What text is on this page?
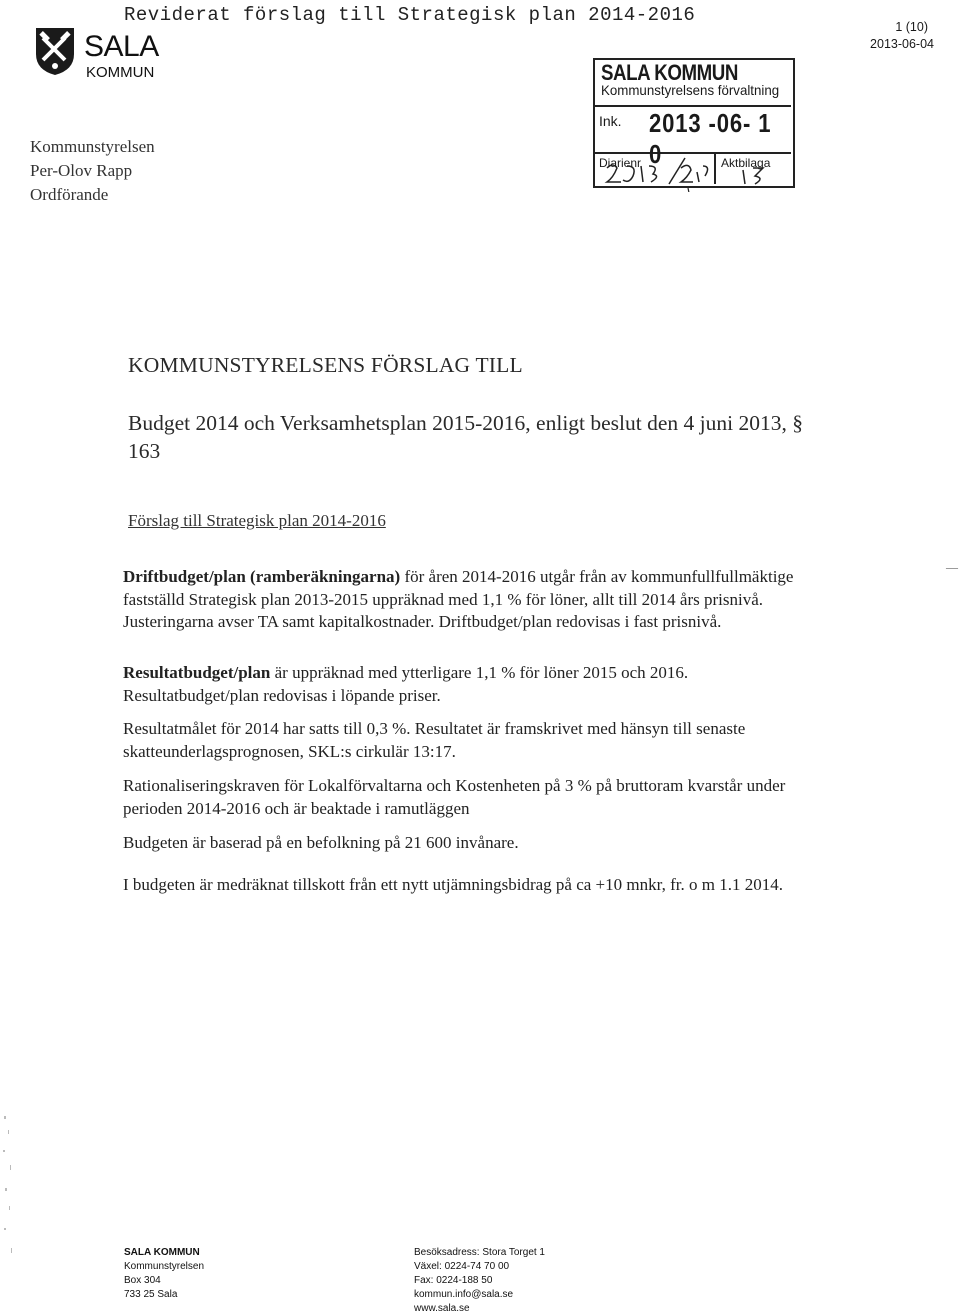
Reviderat förslag till Strategisk plan 2014-2016
SALA
KOMMUN
1 (10)
2013-06-04
SALA KOMMUN
Kommunstyrelsens förvaltning
Ink. 2013 -06- 1 0
Diarienr	Aktbilaga
Kommunstyrelsen
Per-Olov Rapp
Ordförande
KOMMUNSTYRELSENS FÖRSLAG TILL
Budget 2014 och Verksamhetsplan 2015-2016, enligt beslut den 4 juni 2013, § 163
Förslag till Strategisk plan 2014-2016
Driftbudget/plan (ramberäkningarna) för åren 2014-2016 utgår från av kommunfullfullmäktige fastställd Strategisk plan 2013-2015 uppräknad med 1,1 % för löner, allt till 2014 års prisnivå. Justeringarna avser TA samt kapitalkostnader. Driftbudget/plan redovisas i fast prisnivå.
Resultatbudget/plan är uppräknad med ytterligare 1,1 % för löner 2015 och 2016. Resultatbudget/plan redovisas i löpande priser.
Resultatmålet för 2014 har satts till 0,3 %. Resultatet är framskrivet med hänsyn till senaste skatteunderlagsprognosen, SKL:s cirkulär 13:17.
Rationaliseringskraven för Lokalförvaltarna och Kostenheten på 3 % på bruttoram kvarstår under perioden 2014-2016 och är beaktade i ramutläggen
Budgeten är baserad på en befolkning på 21 600 invånare.
I budgeten är medräknat tillskott från ett nytt utjämningsbidrag på ca +10 mnkr, fr. o m 1.1 2014.
—
SALA KOMMUN
Kommunstyrelsen
Box 304
733 25 Sala
Besöksadress: Stora Torget 1
Växel: 0224-74 70 00
Fax: 0224-188 50
kommun.info@sala.se
www.sala.se
